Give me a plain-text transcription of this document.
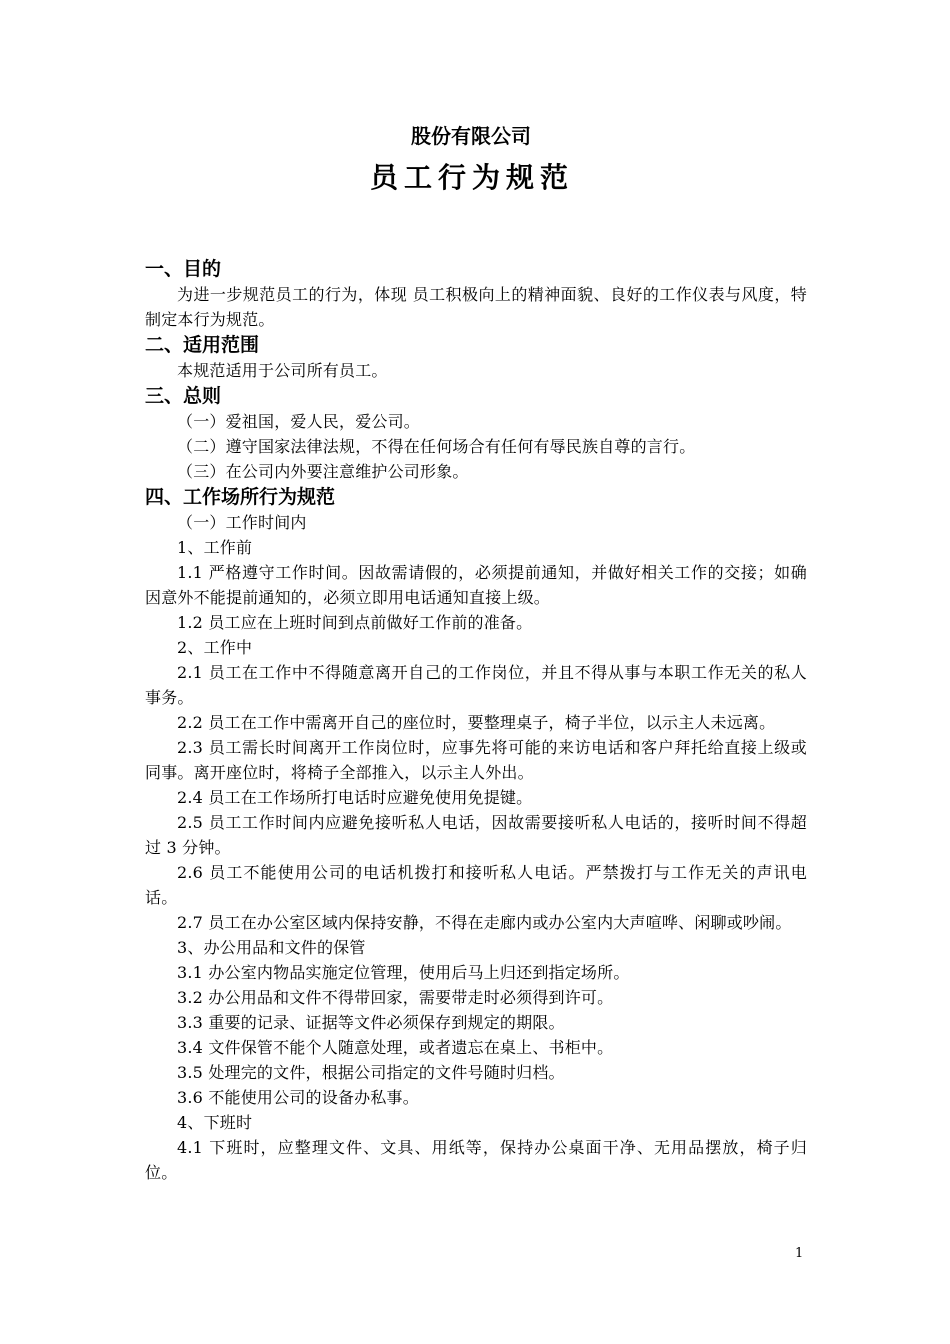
股份有限公司
员工行为规范
一、目的
为进一步规范员工的行为，体现 员工积极向上的精神面貌、良好的工作仪表与风度，特制定本行为规范。
二、适用范围
本规范适用于公司所有员工。
三、总则
（一）爱祖国，爱人民，爱公司。
（二）遵守国家法律法规，不得在任何场合有任何有辱民族自尊的言行。
（三）在公司内外要注意维护公司形象。
四、工作场所行为规范
（一）工作时间内
1、工作前
1.1 严格遵守工作时间。因故需请假的，必须提前通知，并做好相关工作的交接；如确因意外不能提前通知的，必须立即用电话通知直接上级。
1.2 员工应在上班时间到点前做好工作前的准备。
2、工作中
2.1 员工在工作中不得随意离开自己的工作岗位，并且不得从事与本职工作无关的私人事务。
2.2 员工在工作中需离开自己的座位时，要整理桌子，椅子半位，以示主人未远离。
2.3 员工需长时间离开工作岗位时，应事先将可能的来访电话和客户拜托给直接上级或同事。离开座位时，将椅子全部推入，以示主人外出。
2.4 员工在工作场所打电话时应避免使用免提键。
2.5 员工工作时间内应避免接听私人电话，因故需要接听私人电话的，接听时间不得超过 3 分钟。
2.6 员工不能使用公司的电话机拨打和接听私人电话。严禁拨打与工作无关的声讯电话。
2.7 员工在办公室区域内保持安静，不得在走廊内或办公室内大声喧哗、闲聊或吵闹。
3、办公用品和文件的保管
3.1 办公室内物品实施定位管理，使用后马上归还到指定场所。
3.2 办公用品和文件不得带回家，需要带走时必须得到许可。
3.3 重要的记录、证据等文件必须保存到规定的期限。
3.4 文件保管不能个人随意处理，或者遗忘在桌上、书柜中。
3.5 处理完的文件，根据公司指定的文件号随时归档。
3.6 不能使用公司的设备办私事。
4、下班时
4.1 下班时，应整理文件、文具、用纸等，保持办公桌面干净、无用品摆放，椅子归位。
1
